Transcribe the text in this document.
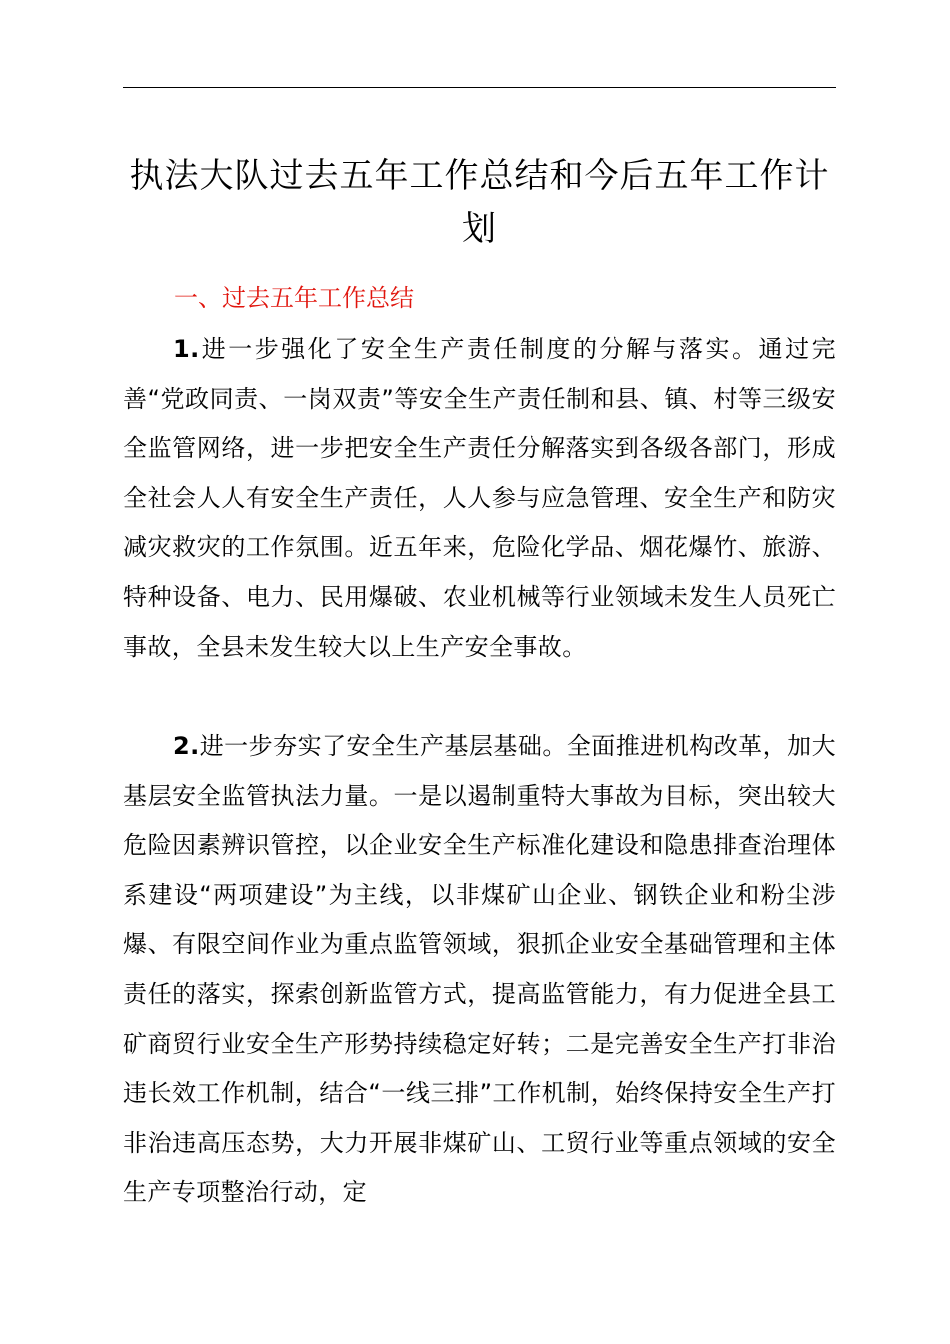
执法大队过去五年工作总结和今后五年工作计划
一、过去五年工作总结

1.进一步强化了安全生产责任制度的分解与落实。通过完善“党政同责、一岗双责”等安全生产责任制和县、镇、村等三级安全监管网络，进一步把安全生产责任分解落实到各级各部门，形成全社会人人有安全生产责任，人人参与应急管理、安全生产和防灾减灾救灾的工作氛围。近五年来，危险化学品、烟花爆竹、旅游、特种设备、电力、民用爆破、农业机械等行业领域未发生人员死亡事故，全县未发生较大以上生产安全事故。

2.进一步夯实了安全生产基层基础。全面推进机构改革，加大基层安全监管执法力量。一是以遏制重特大事故为目标，突出较大危险因素辨识管控，以企业安全生产标准化建设和隐患排查治理体系建设“两项建设”为主线，以非煤矿山企业、钢铁企业和粉尘涉爆、有限空间作业为重点监管领域，狠抓企业安全基础管理和主体责任的落实，探索创新监管方式，提高监管能力，有力促进全县工矿商贸行业安全生产形势持续稳定好转；二是完善安全生产打非治违长效工作机制，结合“一线三排”工作机制，始终保持安全生产打非治违高压态势，大力开展非煤矿山、工贸行业等重点领域的安全生产专项整治行动，定
